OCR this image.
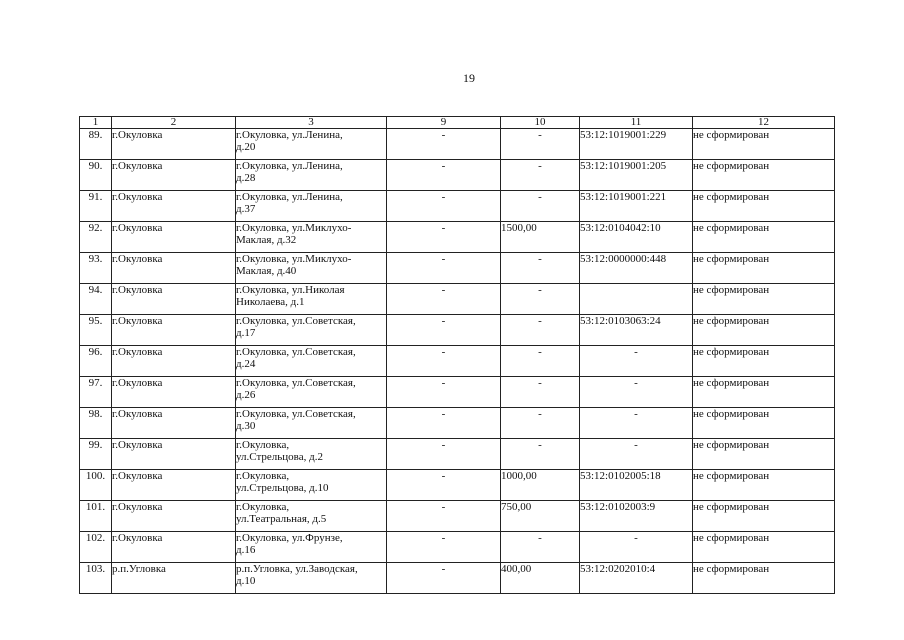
19
1	2	3	9	10	11	12
89.	г.Окуловка	г.Окуловка, ул.Ленина,
д.20	-	-	53:12:1019001:229	не сформирован
90.	г.Окуловка	г.Окуловка, ул.Ленина,
д.28	-	-	53:12:1019001:205	не сформирован
91.	г.Окуловка	г.Окуловка, ул.Ленина,
д.37	-	-	53:12:1019001:221	не сформирован
92.	г.Окуловка	г.Окуловка, ул.Миклухо-
Маклая, д.32	-	1500,00	53:12:0104042:10	не сформирован
93.	г.Окуловка	г.Окуловка, ул.Миклухо-
Маклая, д.40	-	-	53:12:0000000:448	не сформирован
94.	г.Окуловка	г.Окуловка, ул.Николая
Николаева, д.1	-	-		не сформирован
95.	г.Окуловка	г.Окуловка, ул.Советская,
д.17	-	-	53:12:0103063:24	не сформирован
96.	г.Окуловка	г.Окуловка, ул.Советская,
д.24	-	-	-	не сформирован
97.	г.Окуловка	г.Окуловка, ул.Советская,
д.26	-	-	-	не сформирован
98.	г.Окуловка	г.Окуловка, ул.Советская,
д.30	-	-	-	не сформирован
99.	г.Окуловка	г.Окуловка,
ул.Стрельцова, д.2	-	-	-	не сформирован
100.	г.Окуловка	г.Окуловка,
ул.Стрельцова, д.10	-	1000,00	53:12:0102005:18	не сформирован
101.	г.Окуловка	г.Окуловка,
ул.Театральная, д.5	-	750,00	53:12:0102003:9	не сформирован
102.	г.Окуловка	г.Окуловка, ул.Фрунзе,
д.16	-	-	-	не сформирован
103.	р.п.Угловка	р.п.Угловка, ул.Заводская,
д.10	-	400,00	53:12:0202010:4	не сформирован
